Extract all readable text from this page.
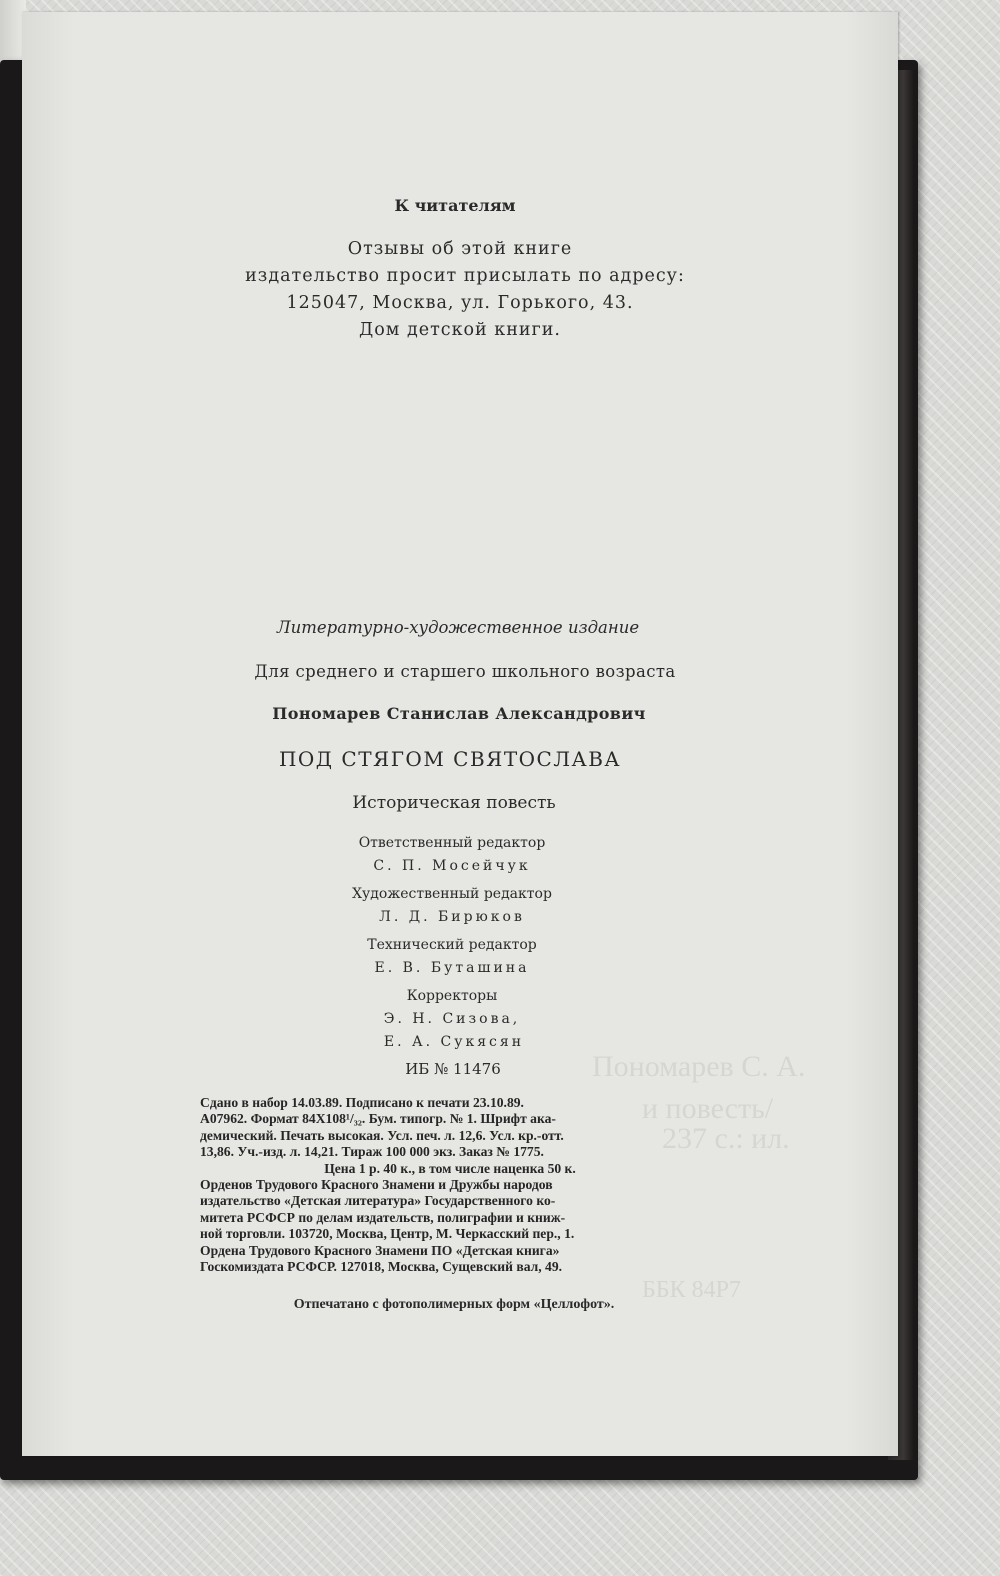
Пономарев С. А.
и повесть/
237 с.: ил.
ББК 84Р7
К читателям
Отзывы об этой книге
издательство просит присылать по адресу:
125047, Москва, ул. Горького, 43.
Дом детской книги.
Литературно-художественное издание
Для среднего и старшего школьного возраста
Пономарев Станислав Александрович
ПОД СТЯГОМ СВЯТОСЛАВА
Историческая повесть
Ответственный редактор
С. П. Мосейчук
Художественный редактор
Л. Д. Бирюков
Технический редактор
Е. В. Буташина
Корректоры
Э. Н. Сизова,
Е. А. Сукясян
ИБ № 11476
Сдано в набор 14.03.89. Подписано к печати 23.10.89.
А07962. Формат 84Х108¹/₃₂. Бум. типогр. № 1. Шрифт ака-
демический. Печать высокая. Усл. печ. л. 12,6. Усл. кр.-отт.
13,86. Уч.-изд. л. 14,21. Тираж 100 000 экз. Заказ № 1775.
Цена 1 р. 40 к., в том числе наценка 50 к.
Орденов Трудового Красного Знамени и Дружбы народов
издательство «Детская литература» Государственного ко-
митета РСФСР по делам издательств, полиграфии и книж-
ной торговли. 103720, Москва, Центр, М. Черкасский пер., 1.
Ордена Трудового Красного Знамени ПО «Детская книга»
Госкомиздата РСФСР. 127018, Москва, Сущевский вал, 49.
Отпечатано с фотополимерных форм «Целлофот».
